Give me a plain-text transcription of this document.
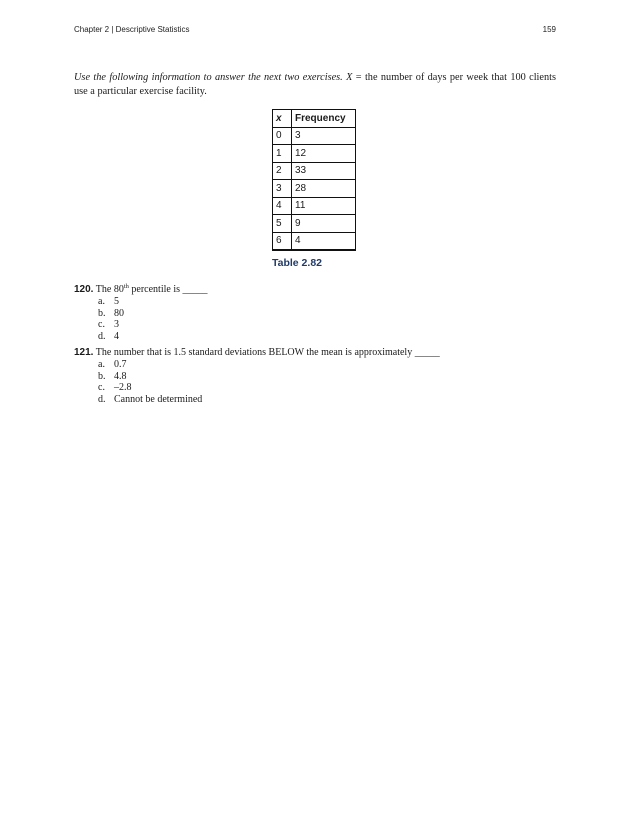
Chapter 2 | Descriptive Statistics	159

Use the following information to answer the next two exercises. X = the number of days per week that 100 clients use a particular exercise facility.

x	Frequency
0	3
1	12
2	33
3	28
4	11
5	9
6	4
Table 2.82
120. The 80th percentile is _____
a. 5
b. 80
c. 3
d. 4
121. The number that is 1.5 standard deviations BELOW the mean is approximately _____
a. 0.7
b. 4.8
c. –2.8
d. Cannot be determined
